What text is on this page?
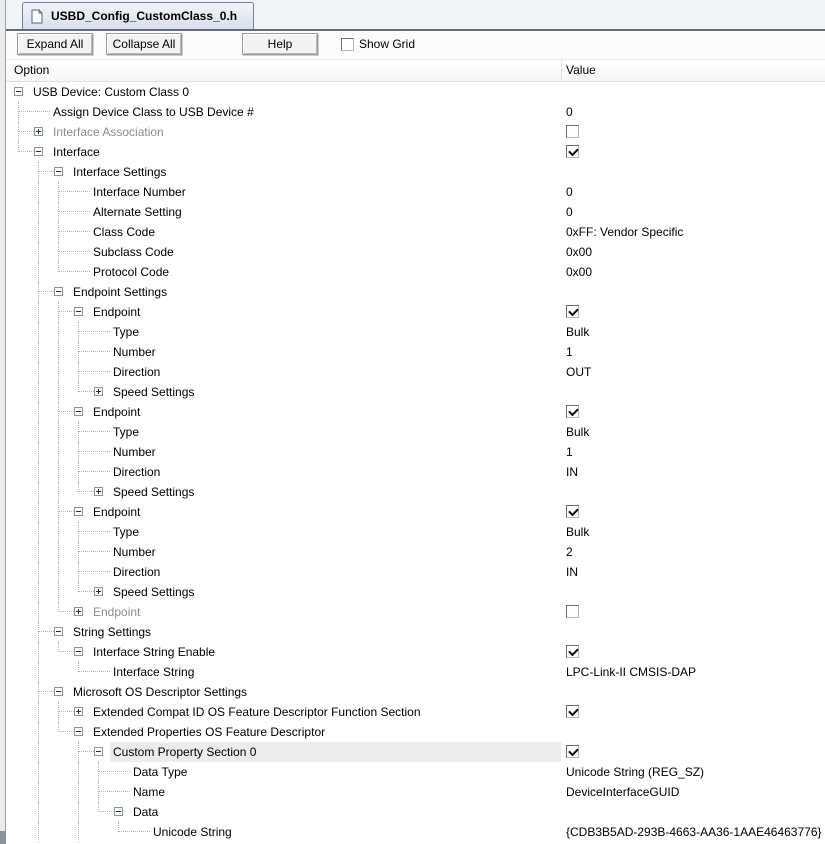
USBD_Config_CustomClass_0.h
Expand All	Collapse All	Help	Show Grid
Option	Value
USB Device: Custom Class 0
Assign Device Class to USB Device #	0
Interface Association
Interface
Interface Settings
Interface Number	0
Alternate Setting	0
Class Code	0xFF: Vendor Specific
Subclass Code	0x00
Protocol Code	0x00
Endpoint Settings
Endpoint
Type	Bulk
Number	1
Direction	OUT
Speed Settings
Endpoint
Type	Bulk
Number	1
Direction	IN
Speed Settings
Endpoint
Type	Bulk
Number	2
Direction	IN
Speed Settings
Endpoint
String Settings
Interface String Enable
Interface String	LPC-Link-II CMSIS-DAP
Microsoft OS Descriptor Settings
Extended Compat ID OS Feature Descriptor Function Section
Extended Properties OS Feature Descriptor
Custom Property Section 0
Data Type	Unicode String (REG_SZ)
Name	DeviceInterfaceGUID
Data
Unicode String	{CDB3B5AD-293B-4663-AA36-1AAE46463776}
